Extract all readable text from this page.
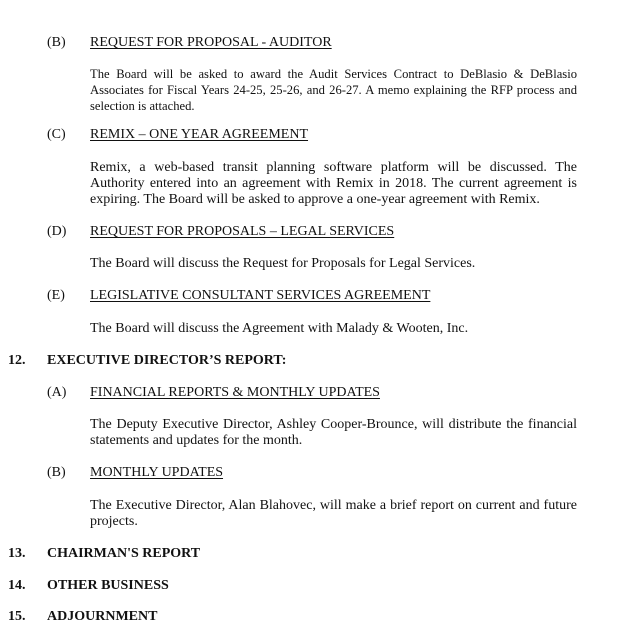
(B) REQUEST FOR PROPOSAL - AUDITOR
The Board will be asked to award the Audit Services Contract to DeBlasio & DeBlasio Associates for Fiscal Years 24-25, 25-26, and 26-27. A memo explaining the RFP process and selection is attached.
(C) REMIX – ONE YEAR AGREEMENT
Remix, a web-based transit planning software platform will be discussed. The Authority entered into an agreement with Remix in 2018. The current agreement is expiring. The Board will be asked to approve a one-year agreement with Remix.
(D) REQUEST FOR PROPOSALS – LEGAL SERVICES
The Board will discuss the Request for Proposals for Legal Services.
(E) LEGISLATIVE CONSULTANT SERVICES AGREEMENT
The Board will discuss the Agreement with Malady & Wooten, Inc.
12. EXECUTIVE DIRECTOR’S REPORT:
(A) FINANCIAL REPORTS & MONTHLY UPDATES
The Deputy Executive Director, Ashley Cooper-Brounce, will distribute the financial statements and updates for the month.
(B) MONTHLY UPDATES
The Executive Director, Alan Blahovec, will make a brief report on current and future projects.
13. CHAIRMAN'S REPORT
14. OTHER BUSINESS
15. ADJOURNMENT
